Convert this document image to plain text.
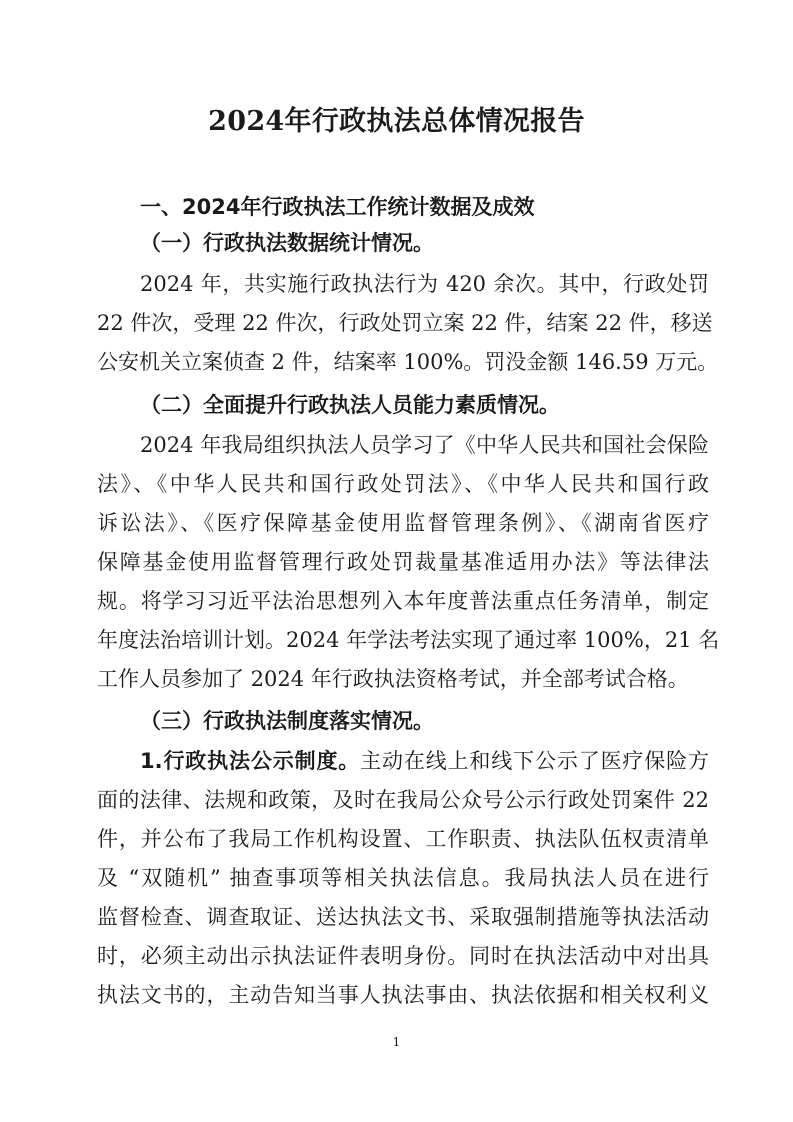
2024年行政执法总体情况报告
一、2024年行政执法工作统计数据及成效
（一）行政执法数据统计情况。
2024 年，共实施行政执法行为 420 余次。其中，行政处罚
22 件次，受理 22 件次，行政处罚立案 22 件，结案 22 件，移送
公安机关立案侦查 2 件，结案率 100%。罚没金额 146.59 万元。
（二）全面提升行政执法人员能力素质情况。
2024 年我局组织执法人员学习了《中华人民共和国社会保险
法》、《中华人民共和国行政处罚法》、《中华人民共和国行政
诉讼法》、《医疗保障基金使用监督管理条例》、《湖南省医疗
保障基金使用监督管理行政处罚裁量基准适用办法》等法律法
规。将学习习近平法治思想列入本年度普法重点任务清单，制定
年度法治培训计划。2024 年学法考法实现了通过率 100%，21 名
工作人员参加了 2024 年行政执法资格考试，并全部考试合格。
（三）行政执法制度落实情况。
1.行政执法公示制度。主动在线上和线下公示了医疗保险方
面的法律、法规和政策，及时在我局公众号公示行政处罚案件 22
件，并公布了我局工作机构设置、工作职责、执法队伍权责清单
及 “双随机” 抽查事项等相关执法信息。我局执法人员在进行
监督检查、调查取证、送达执法文书、采取强制措施等执法活动
时，必须主动出示执法证件表明身份。同时在执法活动中对出具
执法文书的，主动告知当事人执法事由、执法依据和相关权利义
1
